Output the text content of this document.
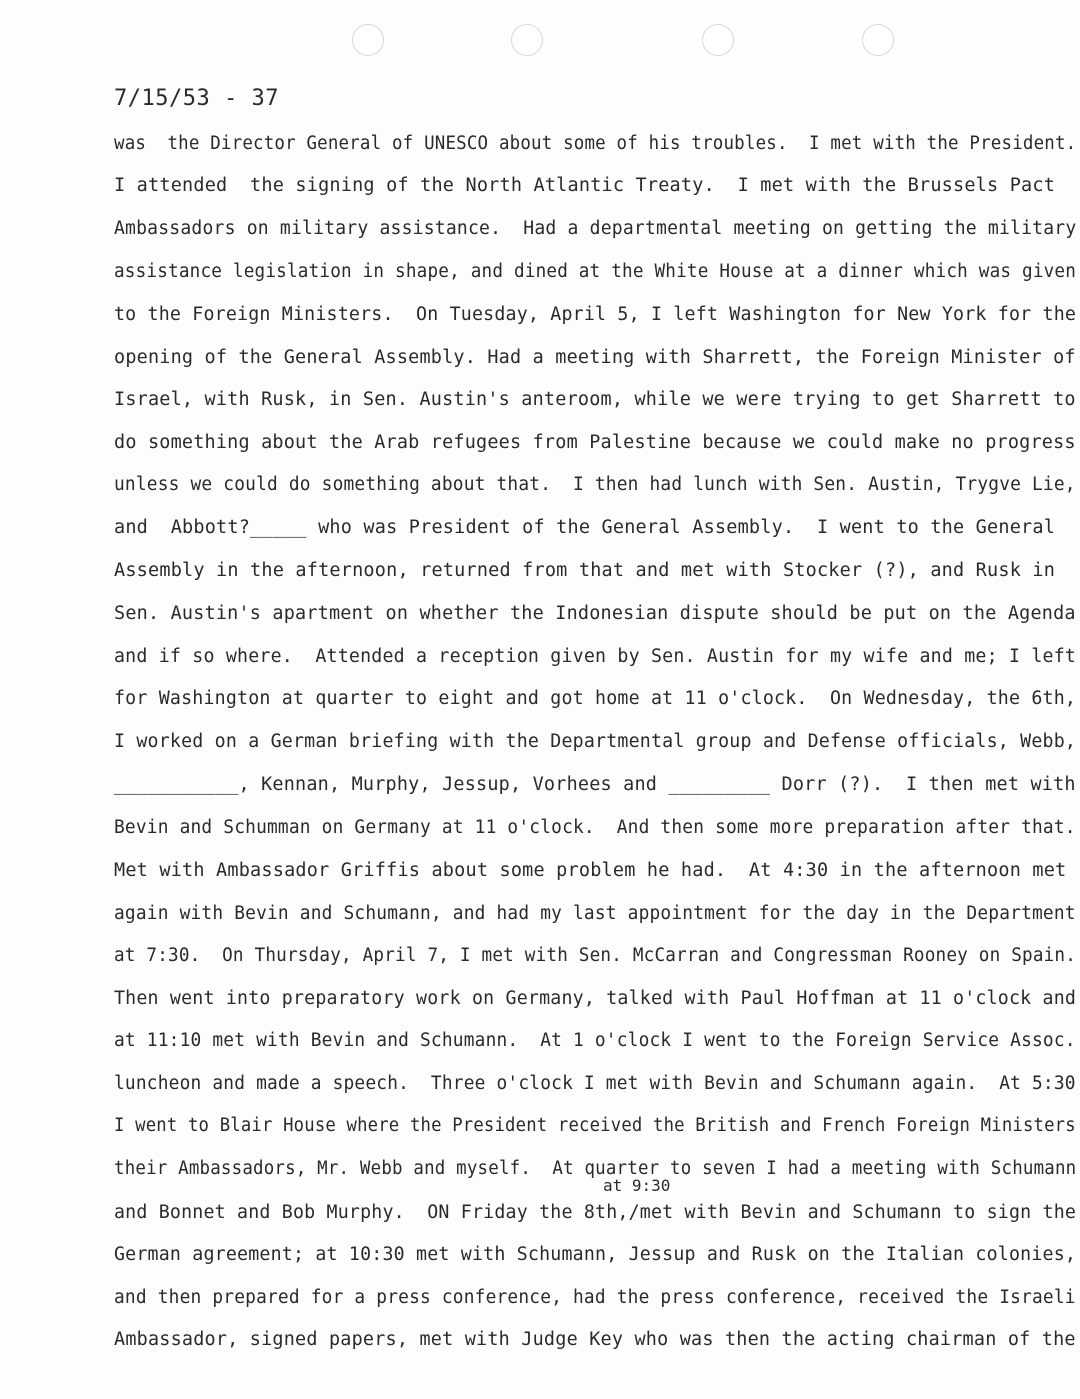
7/15/53 - 37
at 9:30
was  the Director General of UNESCO about some of his troubles.  I met with the President.
I attended  the signing of the North Atlantic Treaty.  I met with the Brussels Pact
Ambassadors on military assistance.  Had a departmental meeting on getting the military
assistance legislation in shape, and dined at the White House at a dinner which was given
to the Foreign Ministers.  On Tuesday, April 5, I left Washington for New York for the
opening of the General Assembly. Had a meeting with Sharrett, the Foreign Minister of
Israel, with Rusk, in Sen. Austin's anteroom, while we were trying to get Sharrett to
do something about the Arab refugees from Palestine because we could make no progress
unless we could do something about that.  I then had lunch with Sen. Austin, Trygve Lie,
and  Abbott?_____ who was President of the General Assembly.  I went to the General
Assembly in the afternoon, returned from that and met with Stocker (?), and Rusk in
Sen. Austin's apartment on whether the Indonesian dispute should be put on the Agenda
and if so where.  Attended a reception given by Sen. Austin for my wife and me; I left
for Washington at quarter to eight and got home at 11 o'clock.  On Wednesday, the 6th,
I worked on a German briefing with the Departmental group and Defense officials, Webb,
___________, Kennan, Murphy, Jessup, Vorhees and _________ Dorr (?).  I then met with
Bevin and Schumman on Germany at 11 o'clock.  And then some more preparation after that.
Met with Ambassador Griffis about some problem he had.  At 4:30 in the afternoon met
again with Bevin and Schumann, and had my last appointment for the day in the Department
at 7:30.  On Thursday, April 7, I met with Sen. McCarran and Congressman Rooney on Spain.
Then went into preparatory work on Germany, talked with Paul Hoffman at 11 o'clock and
at 11:10 met with Bevin and Schumann.  At 1 o'clock I went to the Foreign Service Assoc.
luncheon and made a speech.  Three o'clock I met with Bevin and Schumann again.  At 5:30
I went to Blair House where the President received the British and French Foreign Ministers
their Ambassadors, Mr. Webb and myself.  At quarter to seven I had a meeting with Schumann
and Bonnet and Bob Murphy.  ON Friday the 8th,/met with Bevin and Schumann to sign the
German agreement; at 10:30 met with Schumann, Jessup and Rusk on the Italian colonies,
and then prepared for a press conference, had the press conference, received the Israeli
Ambassador, signed papers, met with Judge Key who was then the acting chairman of the
